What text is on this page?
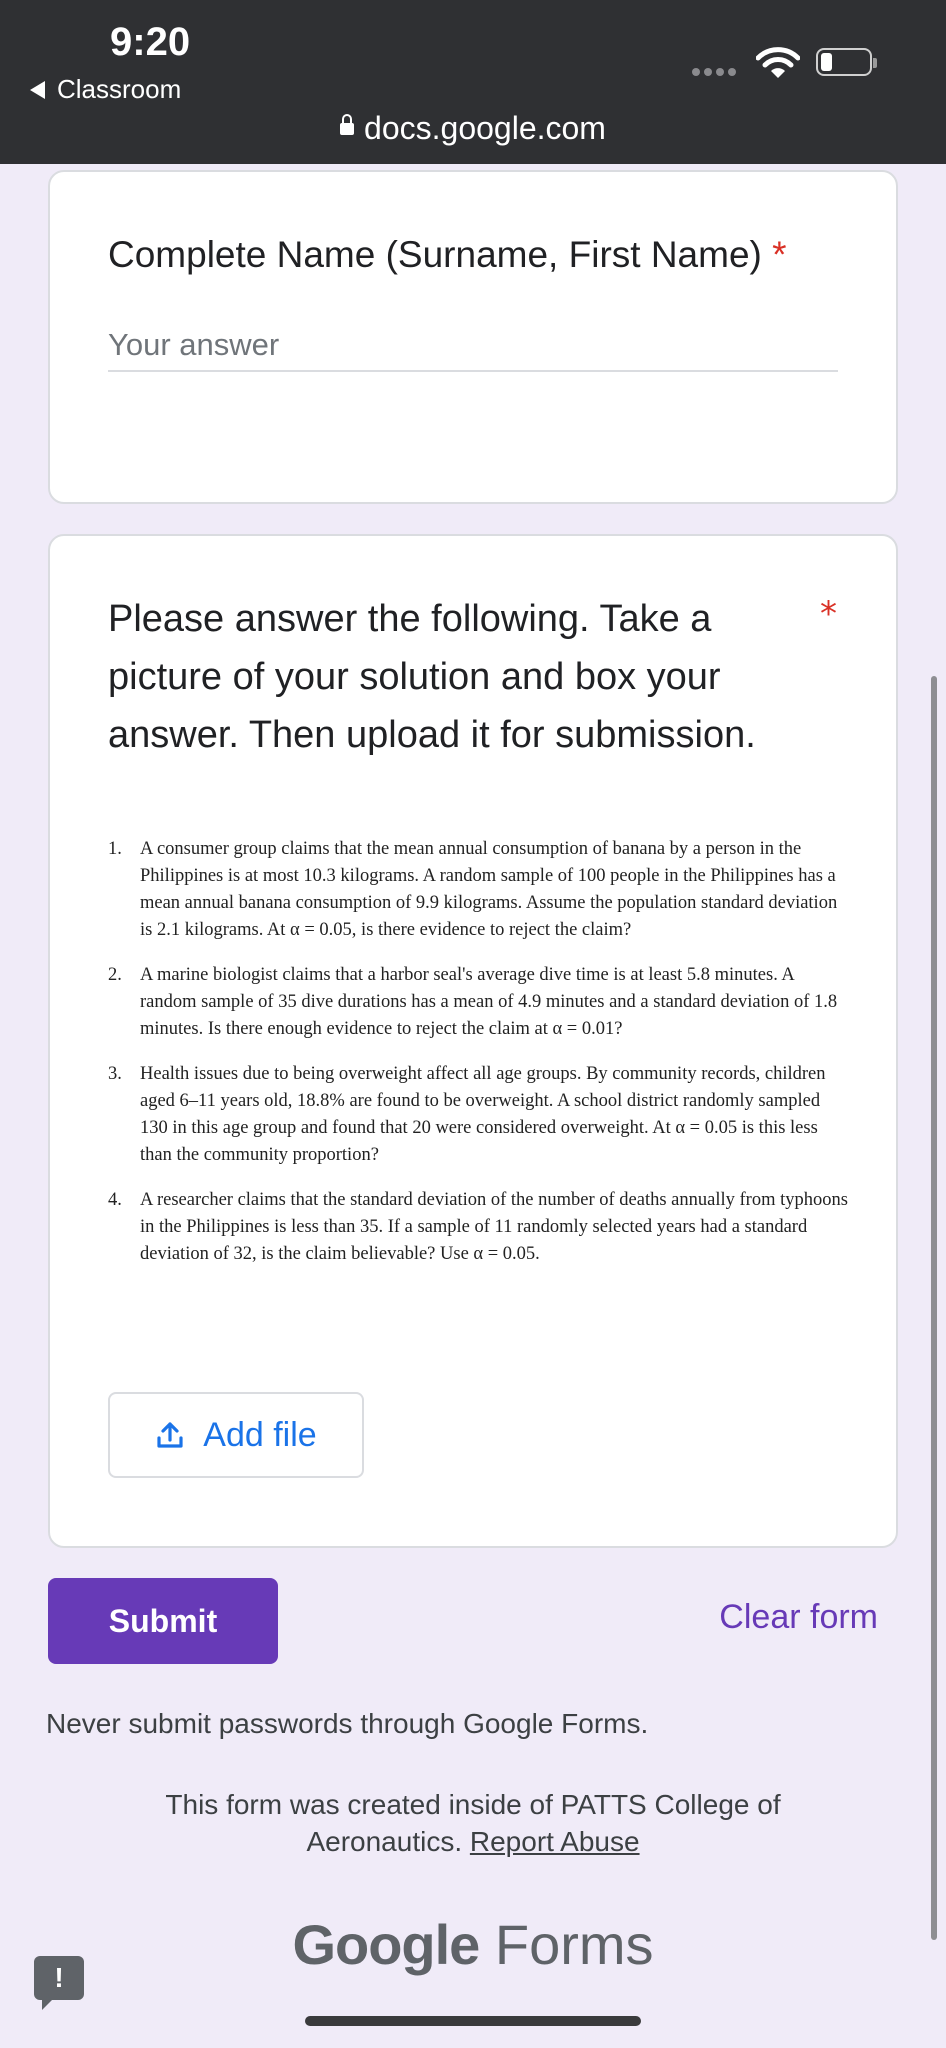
9:20
Classroom
docs.google.com
Complete Name (Surname, First Name) *
Your answer
Please answer the following. Take a picture of your solution and box your answer. Then upload it for submission.
*
1. A consumer group claims that the mean annual consumption of banana by a person in the Philippines is at most 10.3 kilograms. A random sample of 100 people in the Philippines has a mean annual banana consumption of 9.9 kilograms. Assume the population standard deviation is 2.1 kilograms. At α = 0.05, is there evidence to reject the claim?
2. A marine biologist claims that a harbor seal's average dive time is at least 5.8 minutes. A random sample of 35 dive durations has a mean of 4.9 minutes and a standard deviation of 1.8 minutes. Is there enough evidence to reject the claim at α = 0.01?
3. Health issues due to being overweight affect all age groups. By community records, children aged 6–11 years old, 18.8% are found to be overweight. A school district randomly sampled 130 in this age group and found that 20 were considered overweight. At α = 0.05 is this less than the community proportion?
4. A researcher claims that the standard deviation of the number of deaths annually from typhoons in the Philippines is less than 35. If a sample of 11 randomly selected years had a standard deviation of 32, is the claim believable? Use α = 0.05.
Add file
Submit	Clear form
Never submit passwords through Google Forms.
This form was created inside of PATTS College of Aeronautics. Report Abuse
Google Forms
!
